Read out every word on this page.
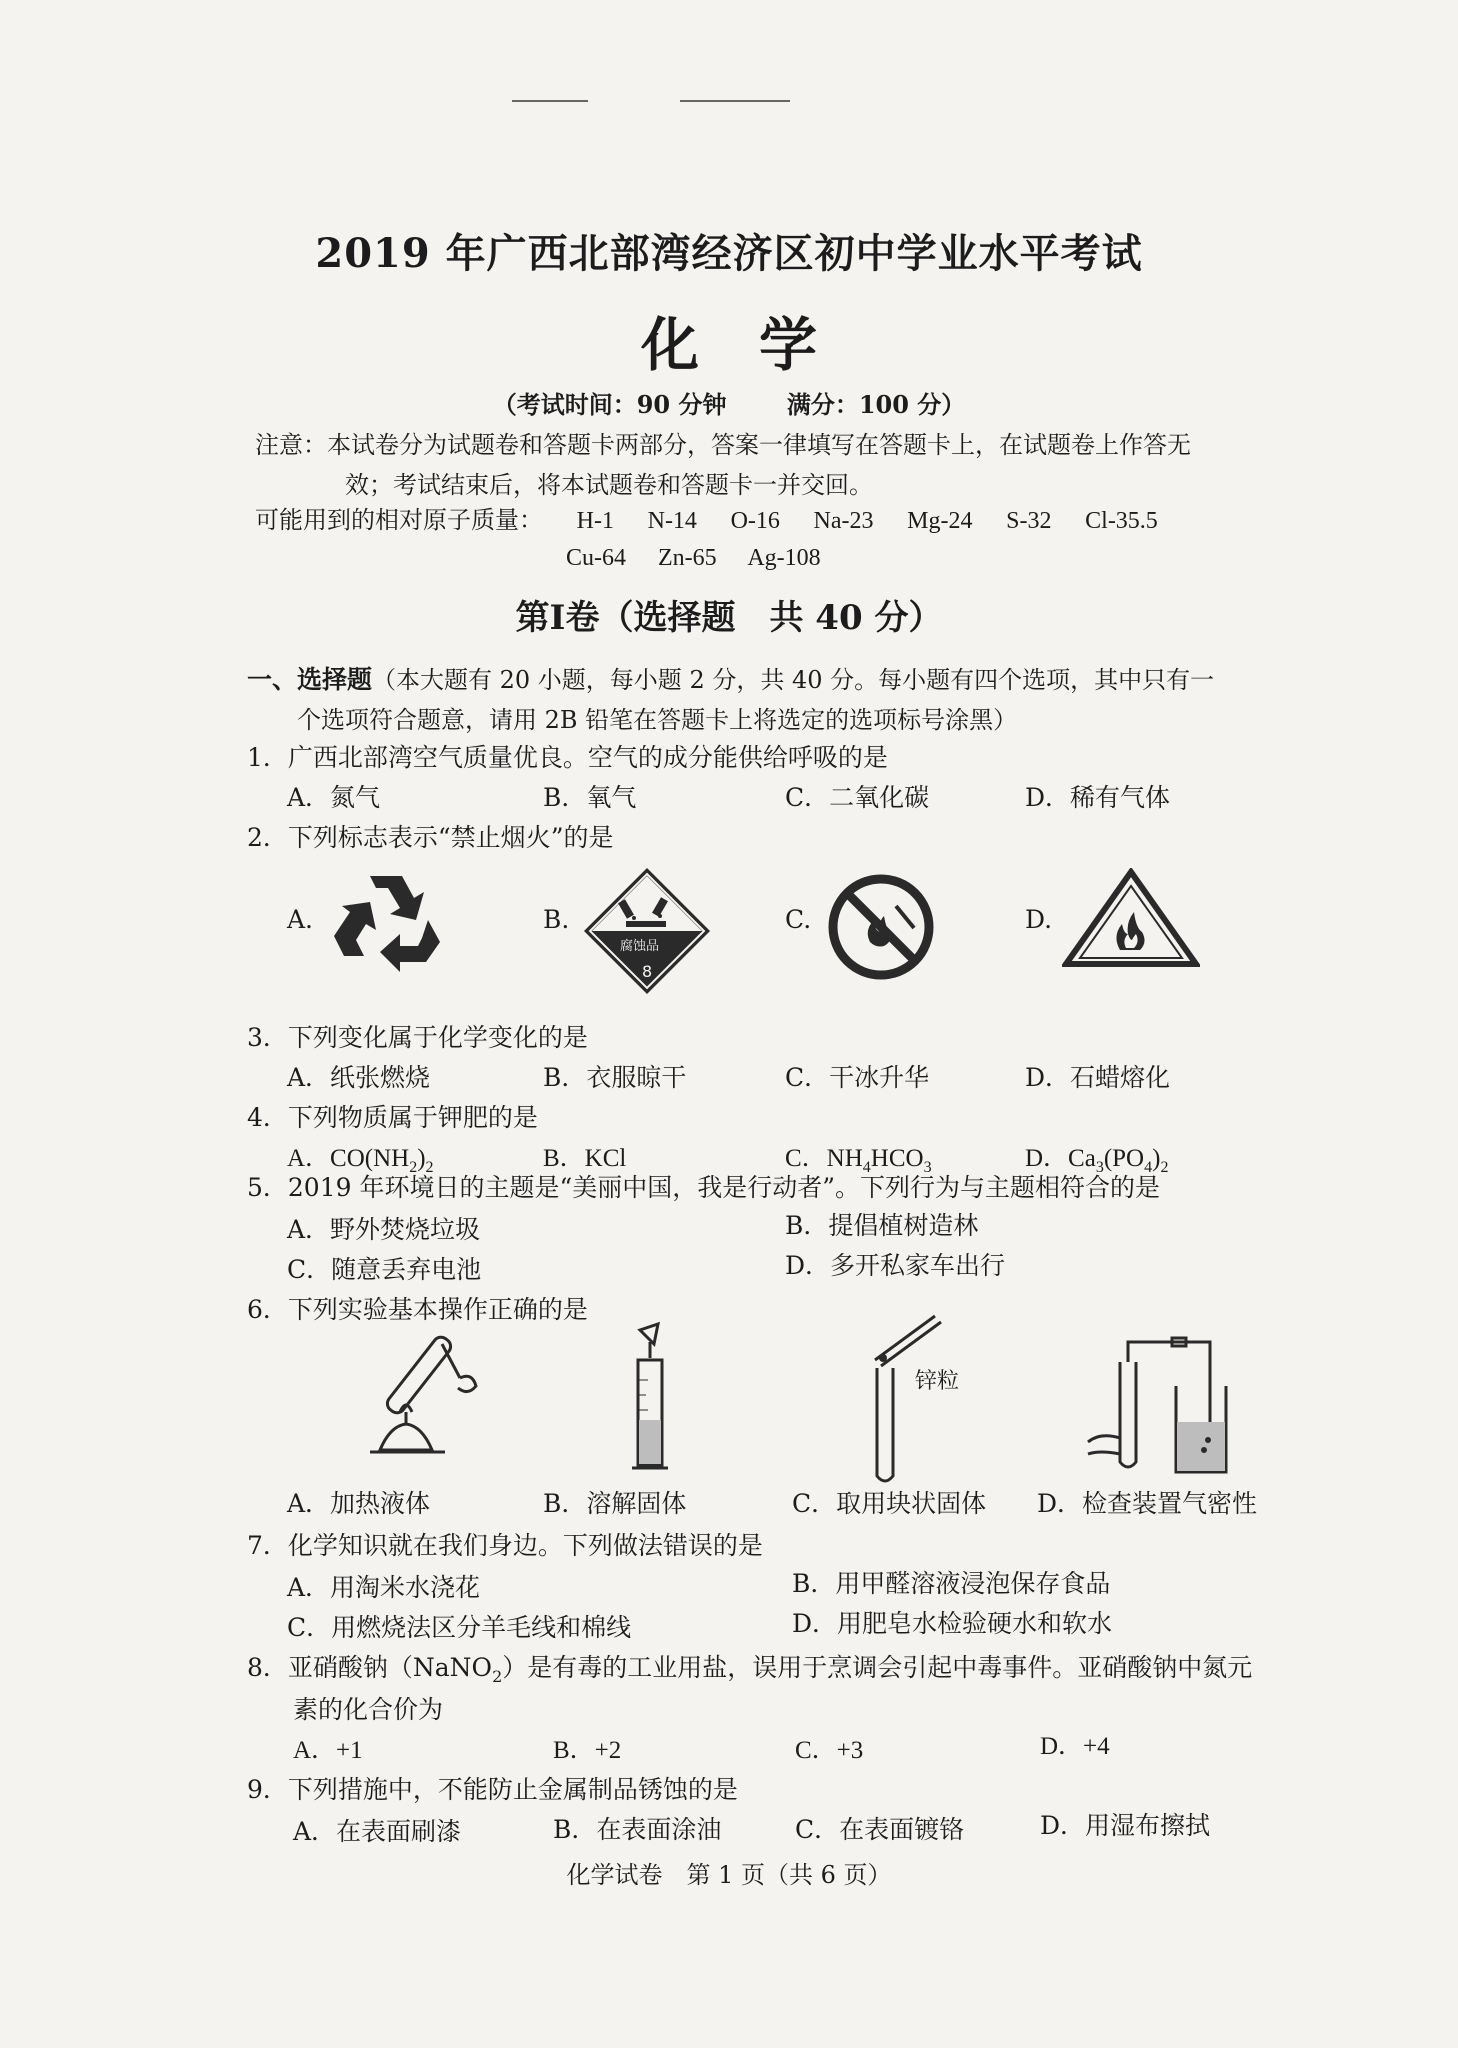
2019 年广西北部湾经济区初中学业水平考试
化学
（考试时间：90 分钟	满分：100 分）
注意：本试卷分为试题卷和答题卡两部分，答案一律填写在答题卡上，在试题卷上作答无
效；考试结束后，将本试题卷和答题卡一并交回。
可能用到的相对原子质量： H-1 N-14 O-16 Na-23 Mg-24 S-32 Cl-35.5
Cu-64 Zn-65 Ag-108
第Ⅰ卷（选择题　共 40 分）
一、选择题（本大题有 20 小题，每小题 2 分，共 40 分。每小题有四个选项，其中只有一
个选项符合题意，请用 2B 铅笔在答题卡上将选定的选项标号涂黑）
1．广西北部湾空气质量优良。空气的成分能供给呼吸的是
A．氮气	B．氧气	C．二氧化碳	D．稀有气体
2．下列标志表示“禁止烟火”的是
A.	B.
腐蚀品
8
C.	D.
3．下列变化属于化学变化的是
A．纸张燃烧	B．衣服晾干	C．干冰升华	D．石蜡熔化
4．下列物质属于钾肥的是
A．$CO(NH_2)_2$	B．KCl	C．$NH_4HCO_3$	D．$Ca_3(PO_4)_2$
5．2019 年环境日的主题是“美丽中国，我是行动者”。下列行为与主题相符合的是
A．野外焚烧垃圾	B．提倡植树造林
C．随意丢弃电池	D．多开私家车出行
6．下列实验基本操作正确的是
锌粒
A．加热液体	B．溶解固体	C．取用块状固体 D．检查装置气密性
7．化学知识就在我们身边。下列做法错误的是
A．用淘米水浇花	B．用甲醛溶液浸泡保存食品
C．用燃烧法区分羊毛线和棉线	D．用肥皂水检验硬水和软水
8．亚硝酸钠（NaNO$_2$）是有毒的工业用盐，误用于烹调会引起中毒事件。亚硝酸钠中氮元
素的化合价为
A．+1	B．+2	C．+3	D．+4
9．下列措施中，不能防止金属制品锈蚀的是
A．在表面刷漆	B．在表面涂油	C．在表面镀铬	D．用湿布擦拭
化学试卷　第 1 页（共 6 页）
